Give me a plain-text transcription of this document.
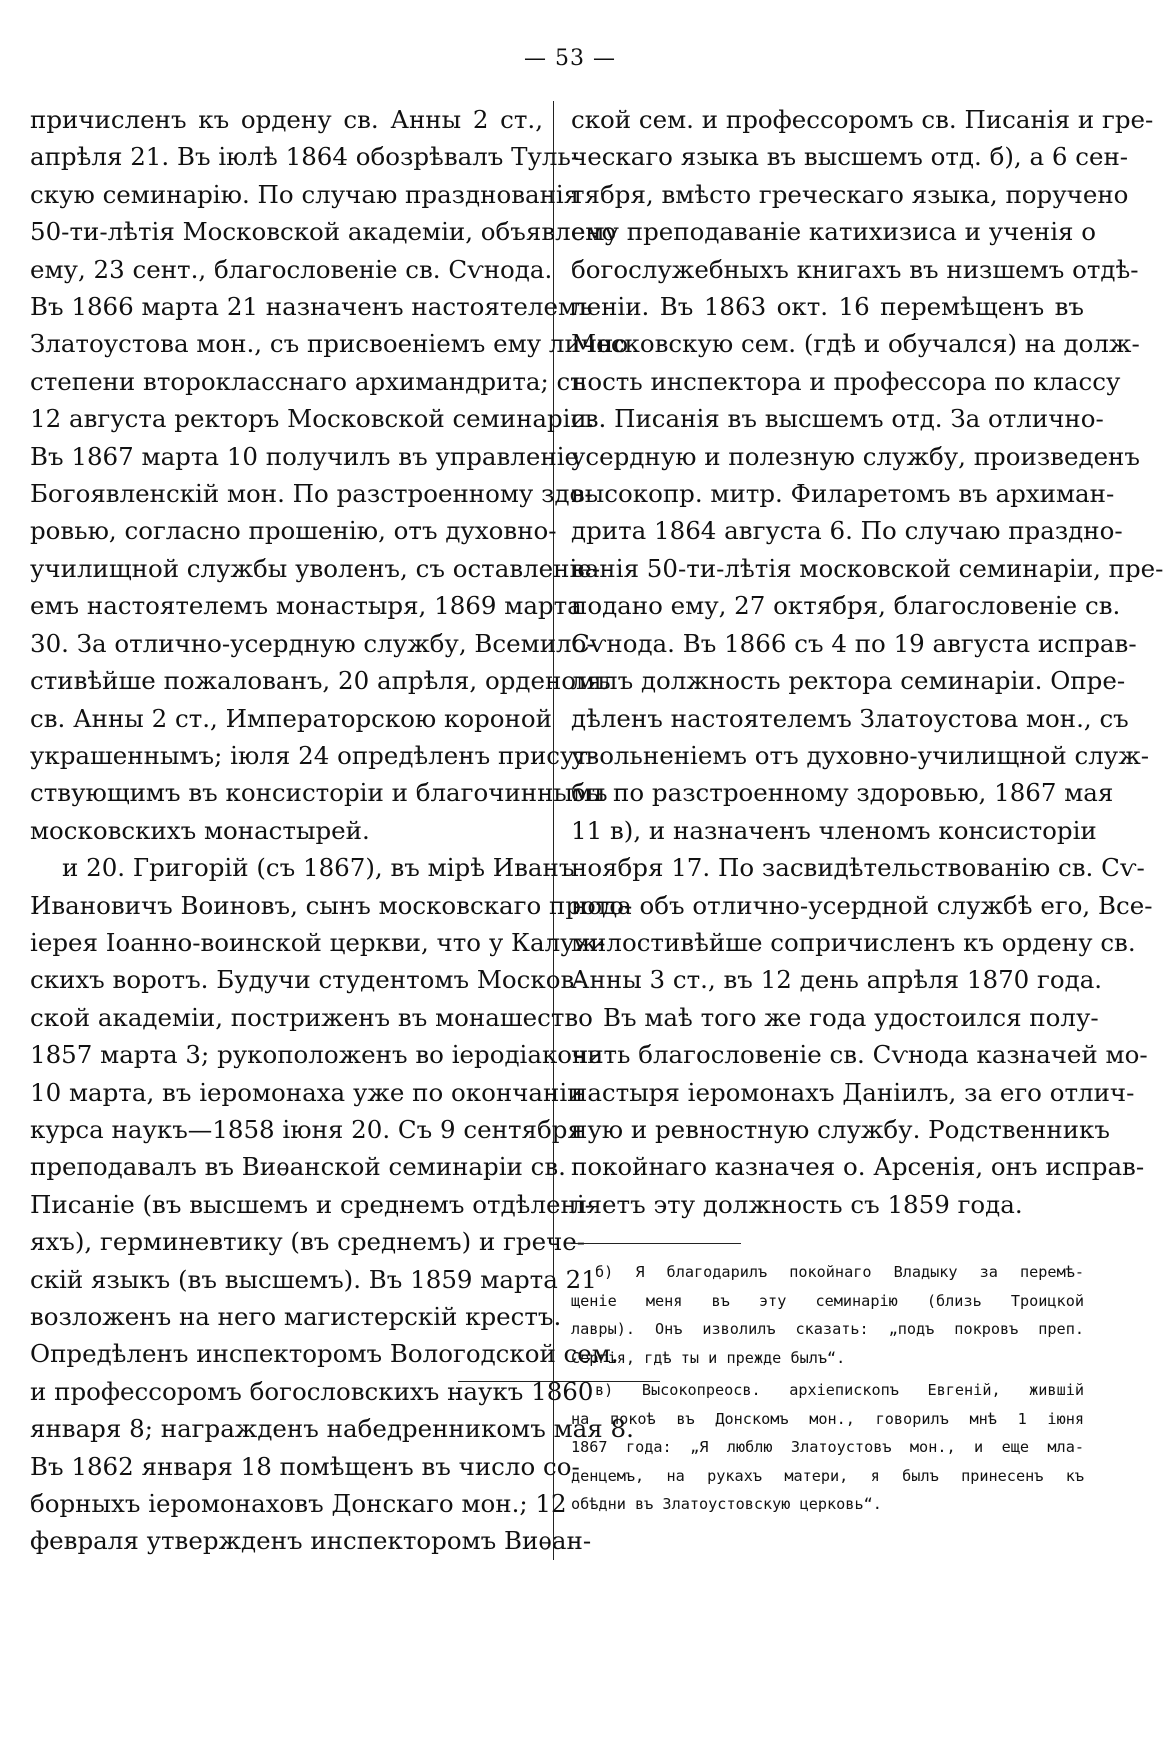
— 53 —
причисленъ къ ордену св. Анны 2 ст.,
апрѣля 21. Въ іюлѣ 1864 обозрѣвалъ Туль-
скую семинарію. По случаю празднованія
50-ти-лѣтія Московской академіи, объявлено
ему, 23 сент., благословеніе св. Сѵнода.
Въ 1866 марта 21 назначенъ настоятелемъ
Златоустова мон., съ присвоеніемъ ему лично
степени второкласснаго архимандрита; съ
12 августа ректоръ Московской семинаріи.
Въ 1867 марта 10 получилъ въ управленіе
Богоявленскій мон. По разстроенному здо-
ровью, согласно прошенію, отъ духовно-
училищной службы уволенъ, съ оставленіе-
емъ настоятелемъ монастыря, 1869 марта
30. За отлично-усердную службу, Всемило-
стивѣйше пожалованъ, 20 апрѣля, орденомъ
св. Анны 2 ст., Императорскою короной
украшеннымъ; іюля 24 опредѣленъ присут-
ствующимъ въ консисторіи и благочиннымъ
московскихъ монастырей.
и 20. Григорій (съ 1867), въ мірѣ Иванъ
Ивановичъ Воиновъ, сынъ московскаго прото-
іерея Іоанно-воинской церкви, что у Калуж-
скихъ воротъ. Будучи студентомъ Москов-
ской академіи, постриженъ въ монашество
1857 марта 3; рукоположенъ во іеродіакона
10 марта, въ іеромонаха уже по окончаніи
курса наукъ—1858 іюня 20. Съ 9 сентября
преподавалъ въ Виѳанской семинаріи св.
Писаніе (въ высшемъ и среднемъ отдѣлені-
яхъ), герминевтику (въ среднемъ) и грече-
скій языкъ (въ высшемъ). Въ 1859 марта 21
возложенъ на него магистерскій крестъ.
Опредѣленъ инспекторомъ Вологодской сем.
и профессоромъ богословскихъ наукъ 1860
января 8; награжденъ набедренникомъ мая 8.
Въ 1862 января 18 помѣщенъ въ число со-
борныхъ іеромонаховъ Донскаго мон.; 12
февраля утвержденъ инспекторомъ Виѳан-
ской сем. и профессоромъ св. Писанія и гре-
ческаго языка въ высшемъ отд. б), а 6 сен-
тября, вмѣсто греческаго языка, поручено
ему преподаваніе катихизиса и ученія о
богослужебныхъ книгахъ въ низшемъ отдѣ-
леніи. Въ 1863 окт. 16 перемѣщенъ въ
Московскую сем. (гдѣ и обучался) на долж-
ность инспектора и профессора по классу
св. Писанія въ высшемъ отд. За отлично-
усердную и полезную службу, произведенъ
высокопр. митр. Филаретомъ въ архиман-
дрита 1864 августа 6. По случаю праздно-
ванія 50-ти-лѣтія московской семинаріи, пре-
подано ему, 27 октября, благословеніе св.
Сѵнода. Въ 1866 съ 4 по 19 августа исправ-
лялъ должность ректора семинаріи. Опре-
дѣленъ настоятелемъ Златоустова мон., съ
увольненіемъ отъ духовно-училищной служ-
бы по разстроенному здоровью, 1867 мая
11 в), и назначенъ членомъ консисторіи
ноября 17. По засвидѣтельствованію св. Сѵ-
нода объ отлично-усердной службѣ его, Все-
милостивѣйше сопричисленъ къ ордену св.
Анны 3 ст., въ 12 день апрѣля 1870 года.
Въ маѣ того же года удостоился полу-
чить благословеніе св. Сѵнода казначей мо-
настыря іеромонахъ Даніилъ, за его отлич-
ную и ревностную службу. Родственникъ
покойнаго казначея о. Арсенія, онъ исправ-
ляетъ эту должность съ 1859 года.
б) Я благодарилъ покойнаго Владыку за перемѣ-
щеніе меня въ эту семинарію (близь Троицкой
лавры). Онъ изволилъ сказать: „подъ покровъ преп.
Сергія, гдѣ ты и прежде былъ“.
в) Высокопреосв. архіепископъ Евгеній, жившій
на покоѣ въ Донскомъ мон., говорилъ мнѣ 1 іюня
1867 года: „Я люблю Златоустовъ мон., и еще мла-
денцемъ, на рукахъ матери, я былъ принесенъ къ
обѣдни въ Златоустовскую церковь“.
